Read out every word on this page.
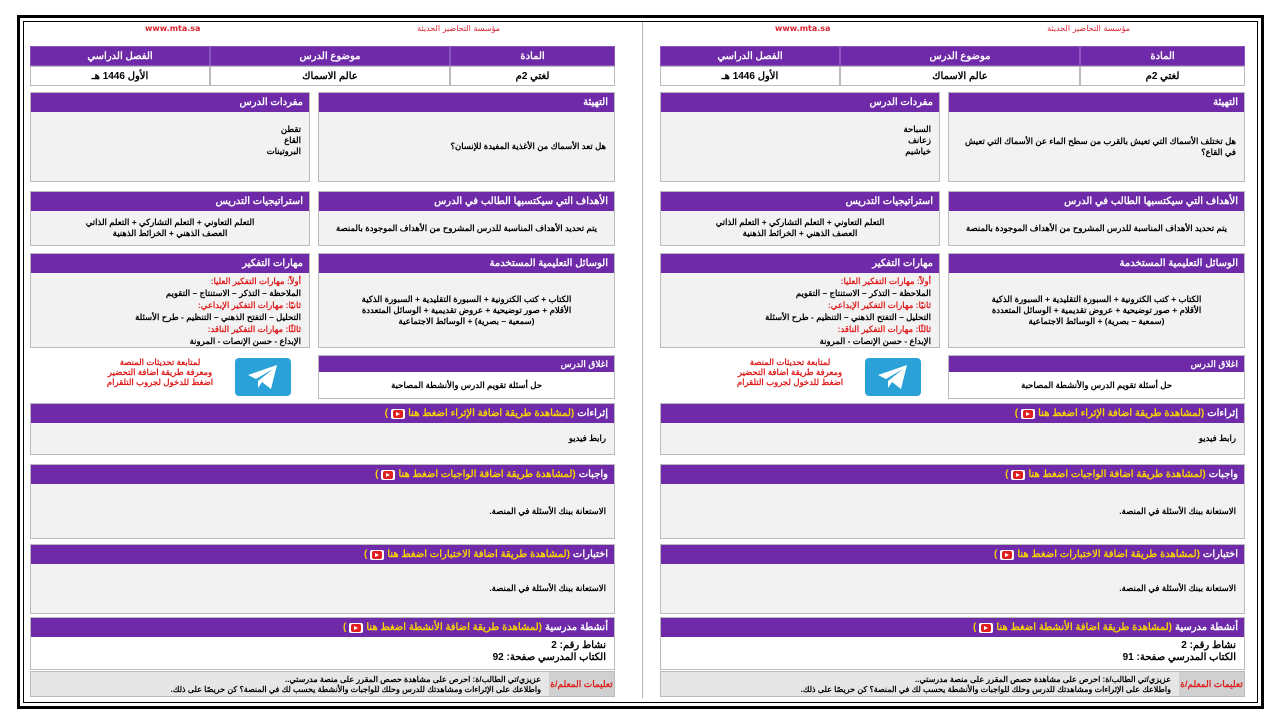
مؤسسة التحاضير الحديثة
www.mta.sa
المادة
موضوع الدرس
الفصل الدراسي
لغتي 2م
عالم الاسماك
الأول 1446 هـ
التهيئة
هل تختلف الأسماك التي تعيش بالقرب من سطح الماء عن الأسماك التي تعيش في القاع؟
مفردات الدرس
السباحة
زعانف
خياشيم
الأهداف التي سيكتسبها الطالب في الدرس
يتم تحديد الأهداف المناسبة للدرس المشروح من الأهداف الموجودة بالمنصة
استراتيجيات التدريس
التعلم التعاوني + التعلم التشاركي + التعلم الذاتي
العصف الذهني + الخرائط الذهنية
الوسائل التعليمية المستخدمة
الكتاب + كتب الكترونية + السبورة التقليدية + السبورة الذكية
الأقلام + صور توضيحية + عروض تقديمية + الوسائل المتعددة
(سمعية – بصرية) + الوسائط الاجتماعية
مهارات التفكير
أولاً: مهارات التفكير العليا:
الملاحظة – التذكر – الاستنتاج – التقويم
ثانيًا: مهارات التفكير الإبداعي:
التحليل – التفتح الذهني – التنظيم - طرح الأسئلة
ثالثًا: مهارات التفكير الناقد:
الإبداع - حسن الإنصات - المرونة
اغلاق الدرس
حل أسئلة تقويم الدرس والأنشطة المصاحبة
لمتابعة تحديثات المنصة
ومعرفة طريقة اضافة التحضير
اضغط للدخول لجروب التلقرام
إثراءات
(لمشاهدة طريقة اضافة الإثراء اضغط هنا
)
رابط فيديو
واجبات
(لمشاهدة طريقة اضافة الواجبات اضغط هنا
)
الاستعانة ببنك الأسئلة في المنصة.
اختبارات
(لمشاهدة طريقة اضافة الاختبارات اضغط هنا
)
الاستعانة ببنك الأسئلة في المنصة.
أنشطة مدرسية
(لمشاهدة طريقة اضافة الأنشطة اضغط هنا
)
نشاط رقم: 2
الكتاب المدرسي صفحة: 91
تعليمات المعلم/ة
عزيزي/تي الطالب/ة: احرص على مشاهدة حصص المقرر على منصة مدرستي..
واطلاعك على الإثراءات ومشاهدتك للدرس وحلك للواجبات والأنشطة يحسب لك في المنصة؟ كن حريصًا على ذلك.
مؤسسة التحاضير الحديثة
www.mta.sa
المادة
موضوع الدرس
الفصل الدراسي
لغتي 2م
عالم الاسماك
الأول 1446 هـ
التهيئة
هل تعد الأسماك من الأغذية المفيدة للإنسان؟
مفردات الدرس
تقطن
القاع
البروتينات
الأهداف التي سيكتسبها الطالب في الدرس
يتم تحديد الأهداف المناسبة للدرس المشروح من الأهداف الموجودة بالمنصة
استراتيجيات التدريس
التعلم التعاوني + التعلم التشاركي + التعلم الذاتي
العصف الذهني + الخرائط الذهنية
الوسائل التعليمية المستخدمة
الكتاب + كتب الكترونية + السبورة التقليدية + السبورة الذكية
الأقلام + صور توضيحية + عروض تقديمية + الوسائل المتعددة
(سمعية – بصرية) + الوسائط الاجتماعية
مهارات التفكير
أولاً: مهارات التفكير العليا:
الملاحظة – التذكر – الاستنتاج – التقويم
ثانيًا: مهارات التفكير الإبداعي:
التحليل – التفتح الذهني – التنظيم - طرح الأسئلة
ثالثًا: مهارات التفكير الناقد:
الإبداع - حسن الإنصات - المرونة
اغلاق الدرس
حل أسئلة تقويم الدرس والأنشطة المصاحبة
لمتابعة تحديثات المنصة
ومعرفة طريقة اضافة التحضير
اضغط للدخول لجروب التلقرام
إثراءات
(لمشاهدة طريقة اضافة الإثراء اضغط هنا
)
رابط فيديو
واجبات
(لمشاهدة طريقة اضافة الواجبات اضغط هنا
)
الاستعانة ببنك الأسئلة في المنصة.
اختبارات
(لمشاهدة طريقة اضافة الاختبارات اضغط هنا
)
الاستعانة ببنك الأسئلة في المنصة.
أنشطة مدرسية
(لمشاهدة طريقة اضافة الأنشطة اضغط هنا
)
نشاط رقم: 2
الكتاب المدرسي صفحة: 92
تعليمات المعلم/ة
عزيزي/تي الطالب/ة: احرص على مشاهدة حصص المقرر على منصة مدرستي..
واطلاعك على الإثراءات ومشاهدتك للدرس وحلك للواجبات والأنشطة يحسب لك في المنصة؟ كن حريصًا على ذلك.
